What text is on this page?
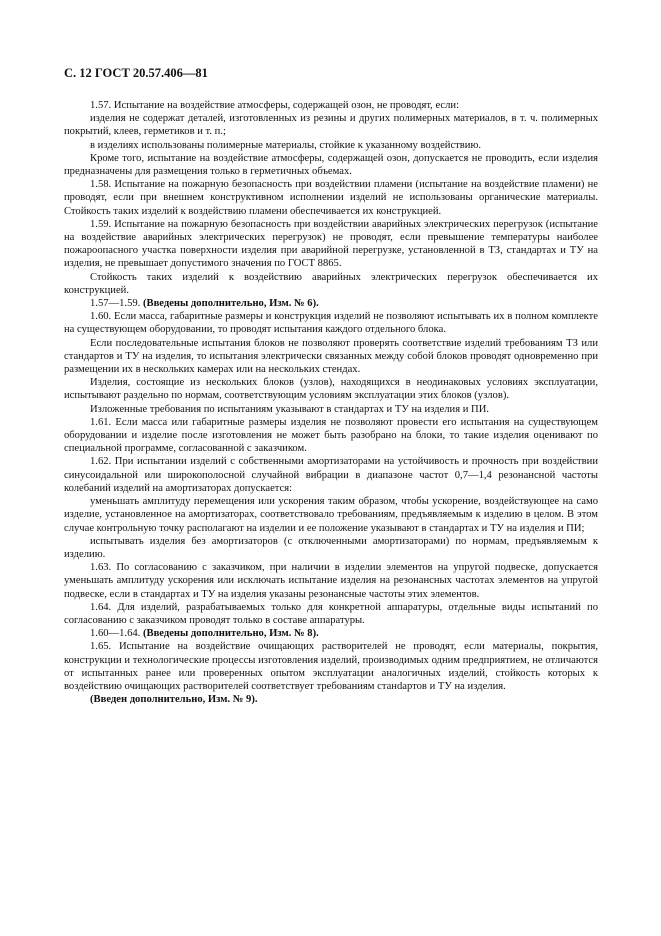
С. 12 ГОСТ 20.57.406—81

1.57. Испытание на воздействие атмосферы, содержащей озон, не проводят, если:

изделия не содержат деталей, изготовленных из резины и других полимерных материалов, в т. ч. полимерных покрытий, клеев, герметиков и т. п.;

в изделиях использованы полимерные материалы, стойкие к указанному воздействию.

Кроме того, испытание на воздействие атмосферы, содержащей озон, допускается не проводить, если изделия предназначены для размещения только в герметичных объемах.

1.58. Испытание на пожарную безопасность при воздействии пламени (испытание на воздействие пламени) не проводят, если при внешнем конструктивном исполнении изделий не использованы органические материалы. Стойкость таких изделий к воздействию пламени обеспечивается их конструкцией.

1.59. Испытание на пожарную безопасность при воздействии аварийных электрических перегрузок (испытание на воздействие аварийных электрических перегрузок) не проводят, если превышение температуры наиболее пожароопасного участка поверхности изделия при аварийной перегрузке, установленной в ТЗ, стандартах и ТУ на изделия, не превышает допустимого значения по ГОСТ 8865.

Стойкость таких изделий к воздействию аварийных электрических перегрузок обеспечивается их конструкцией.

1.57—1.59. (Введены дополнительно, Изм. № 6).

1.60. Если масса, габаритные размеры и конструкция изделий не позволяют испытывать их в полном комплекте на существующем оборудовании, то проводят испытания каждого отдельного блока.

Если последовательные испытания блоков не позволяют проверять соответствие изделий требованиям ТЗ или стандартов и ТУ на изделия, то испытания электрически связанных между собой блоков проводят одновременно при размещении их в нескольких камерах или на нескольких стендах.

Изделия, состоящие из нескольких блоков (узлов), находящихся в неодинаковых условиях эксплуатации, испытывают раздельно по нормам, соответствующим условиям эксплуатации этих блоков (узлов).

Изложенные требования по испытаниям указывают в стандартах и ТУ на изделия и ПИ.

1.61. Если масса или габаритные размеры изделия не позволяют провести его испытания на существующем оборудовании и изделие после изготовления не может быть разобрано на блоки, то такие изделия оценивают по специальной программе, согласованной с заказчиком.

1.62. При испытании изделий с собственными амортизаторами на устойчивость и прочность при воздействии синусоидальной или широкополосной случайной вибрации в диапазоне частот 0,7—1,4 резонансной частоты колебаний изделий на амортизаторах допускается:

уменьшать амплитуду перемещения или ускорения таким образом, чтобы ускорение, воздействующее на само изделие, установленное на амортизаторах, соответствовало требованиям, предъявляемым к изделию в целом. В этом случае контрольную точку располагают на изделии и ее положение указывают в стандартах и ТУ на изделия и ПИ;

испытывать изделия без амортизаторов (с отключенными амортизаторами) по нормам, предъявляемым к изделию.

1.63. По согласованию с заказчиком, при наличии в изделии элементов на упругой подвеске, допускается уменьшать амплитуду ускорения или исключать испытание изделия на резонансных частотах элементов на упругой подвеске, если в стандартах и ТУ на изделия указаны резонансные частоты этих элементов.

1.64. Для изделий, разрабатываемых только для конкретной аппаратуры, отдельные виды испытаний по согласованию с заказчиком проводят только в составе аппаратуры.

1.60—1.64. (Введены дополнительно, Изм. № 8).

1.65. Испытание на воздействие очищающих растворителей не проводят, если материалы, покрытия, конструкции и технологические процессы изготовления изделий, производимых одним предприятием, не отличаются от испытанных ранее или проверенных опытом эксплуатации аналогичных изделий, стойкость которых к воздействию очищающих растворителей соответствует требованиям станdартов и ТУ на изделия.

(Введен дополнительно, Изм. № 9).
